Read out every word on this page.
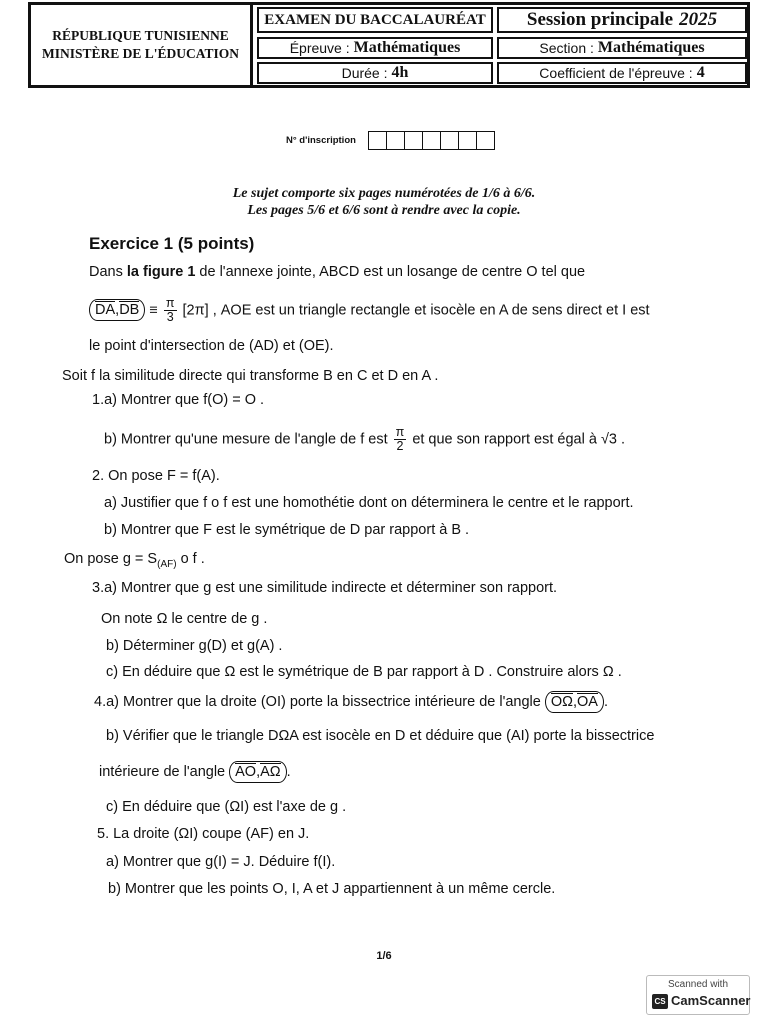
RÉPUBLIQUE TUNISIENNE
MINISTÈRE DE L'ÉDUCATION
EXAMEN DU BACCALAURÉAT	Session principale 2025
Épreuve : Mathématiques	Section : Mathématiques
Durée : 4h	Coefficient de l'épreuve : 4
N° d'inscription
Le sujet comporte six pages numérotées de 1/6 à 6/6.
Les pages 5/6 et 6/6 sont à rendre avec la copie.
Exercice 1 (5 points)
Dans la figure 1 de l'annexe jointe, ABCD est un losange de centre O tel que
$DA,DB \equiv \frac{\pi}{3} [2\pi]$ , AOE est un triangle rectangle et isocèle en A de sens direct et I est
le point d'intersection de (AD) et (OE).
Soit f la similitude directe qui transforme B en C et D en A .
1.a) Montrer que f(O) = O .
b) Montrer qu'une mesure de l'angle de f est $\frac{\pi}{2}$ et que son rapport est égal à √3 .
2. On pose F = f(A).
a) Justifier que f o f est une homothétie dont on déterminera le centre et le rapport.
b) Montrer que F est le symétrique de D par rapport à B .
On pose $g = S_{(AF)}$ o f .
3.a) Montrer que g est une similitude indirecte et déterminer son rapport.
On note Ω le centre de g .
b) Déterminer g(D) et g(A) .
c) En déduire que Ω est le symétrique de B par rapport à D . Construire alors Ω .
4.a) Montrer que la droite (OI) porte la bissectrice intérieure de l'angle OΩ,OA .
b) Vérifier que le triangle DΩA est isocèle en D et déduire que (AI) porte la bissectrice
intérieure de l'angle AO,AΩ .
c) En déduire que (ΩI) est l'axe de g .
5. La droite (ΩI) coupe (AF) en J.
a) Montrer que g(I) = J. Déduire f(I).
b) Montrer que les points O, I, A et J appartiennent à un même cercle.
1/6
Scanned with
CS CamScanner
